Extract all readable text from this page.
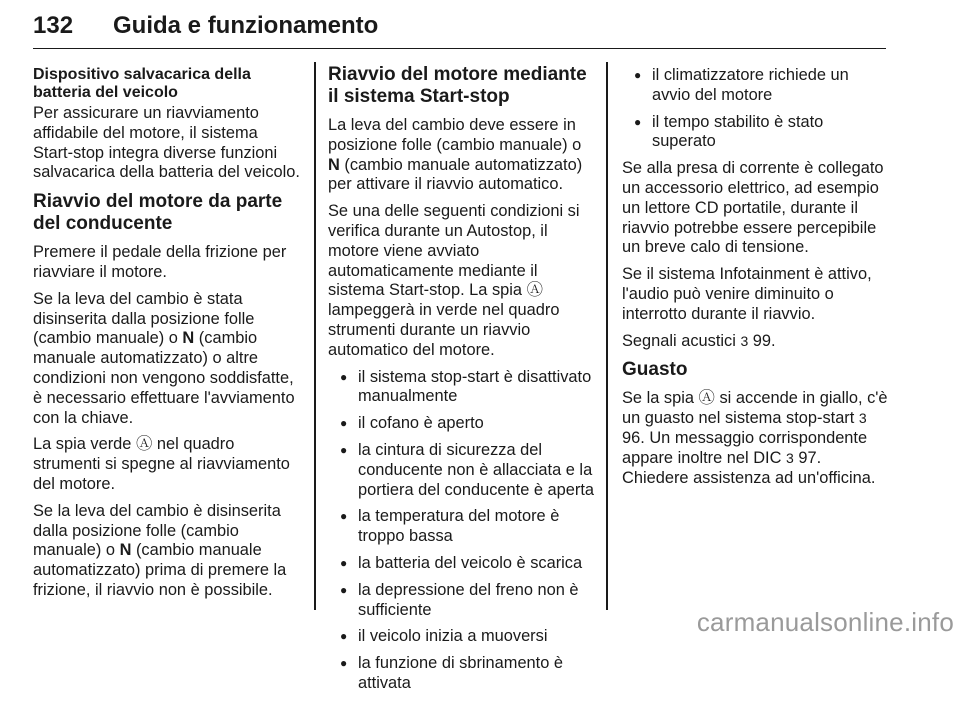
132 Guida e funzionamento
Dispositivo salvacarica della batteria del veicolo

Per assicurare un riavviamento affidabile del motore, il sistema Start-stop integra diverse funzioni salvacarica della batteria del veicolo.

Riavvio del motore da parte del conducente

Premere il pedale della frizione per riavviare il motore.

Se la leva del cambio è stata disinserita dalla posizione folle (cambio manuale) o N (cambio manuale automatizzato) o altre condizioni non vengono soddisfatte, è necessario effettuare l'avviamento con la chiave.

La spia verde Ⓐ nel quadro strumenti si spegne al riavviamento del motore.

Se la leva del cambio è disinserita dalla posizione folle (cambio manuale) o N (cambio manuale automatizzato) prima di premere la frizione, il riavvio non è possibile.

Riavvio del motore mediante il sistema Start-stop

La leva del cambio deve essere in posizione folle (cambio manuale) o N (cambio manuale automatizzato) per attivare il riavvio automatico.

Se una delle seguenti condizioni si verifica durante un Autostop, il motore viene avviato automaticamente mediante il sistema Start-stop. La spia Ⓐ lampeggerà in verde nel quadro strumenti durante un riavvio automatico del motore.

● il sistema stop-start è disattivato manualmente
● il cofano è aperto
● la cintura di sicurezza del conducente non è allacciata e la portiera del conducente è aperta
● la temperatura del motore è troppo bassa
● la batteria del veicolo è scarica
● la depressione del freno non è sufficiente
● il veicolo inizia a muoversi
● la funzione di sbrinamento è attivata
● il climatizzatore richiede un avvio del motore
● il tempo stabilito è stato superato

Se alla presa di corrente è collegato un accessorio elettrico, ad esempio un lettore CD portatile, durante il riavvio potrebbe essere percepibile un breve calo di tensione.

Se il sistema Infotainment è attivo, l'audio può venire diminuito o interrotto durante il riavvio.

Segnali acustici 3 99.

Guasto

Se la spia Ⓐ si accende in giallo, c'è un guasto nel sistema stop-start 3 96. Un messaggio corrispondente appare inoltre nel DIC 3 97. Chiedere assistenza ad un'officina.

carmanualsonline.info
